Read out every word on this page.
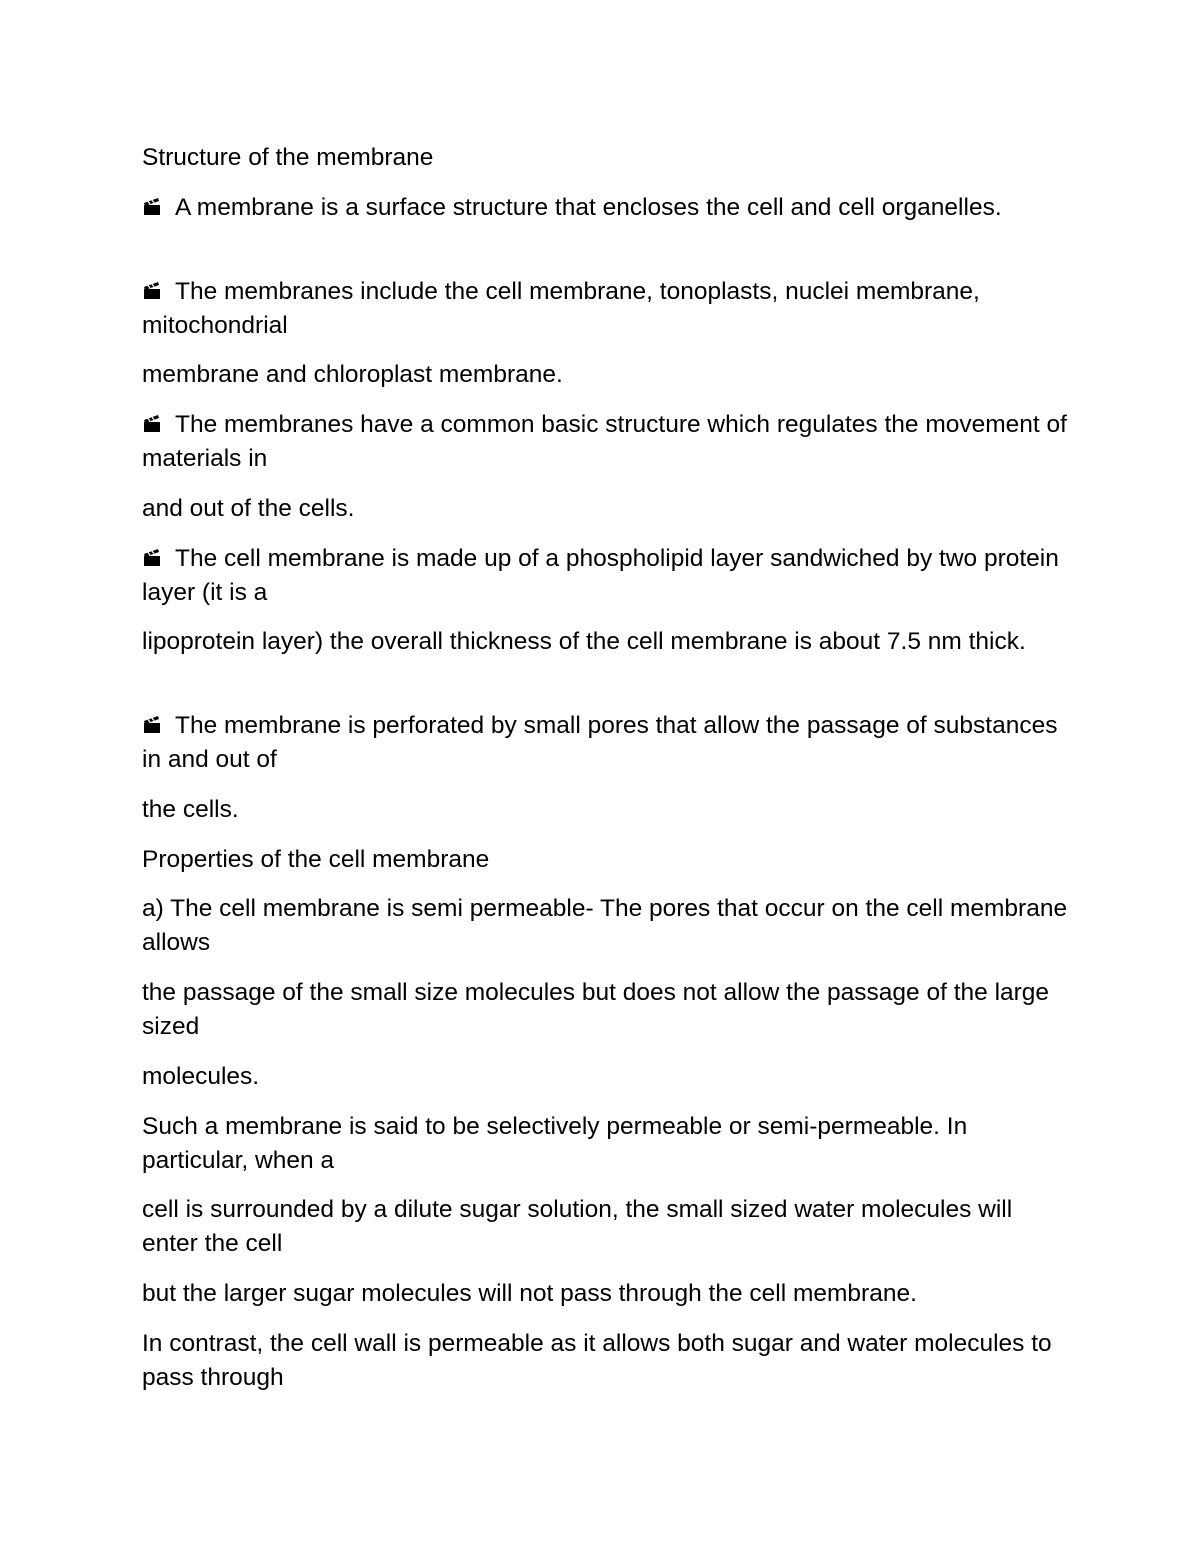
Structure of the membrane

A membrane is a surface structure that encloses the cell and cell organelles.

The membranes include the cell membrane, tonoplasts, nuclei membrane, mitochondrial

membrane and chloroplast membrane.

The membranes have a common basic structure which regulates the movement of materials in

and out of the cells.

The cell membrane is made up of a phospholipid layer sandwiched by two protein layer (it is a

lipoprotein layer) the overall thickness of the cell membrane is about 7.5 nm thick.

The membrane is perforated by small pores that allow the passage of substances in and out of

the cells.

Properties of the cell membrane

a) The cell membrane is semi permeable- The pores that occur on the cell membrane allows

the passage of the small size molecules but does not allow the passage of the large sized

molecules.

Such a membrane is said to be selectively permeable or semi-permeable. In particular, when a

cell is surrounded by a dilute sugar solution, the small sized water molecules will enter the cell

but the larger sugar molecules will not pass through the cell membrane.

In contrast, the cell wall is permeable as it allows both sugar and water molecules to pass through
